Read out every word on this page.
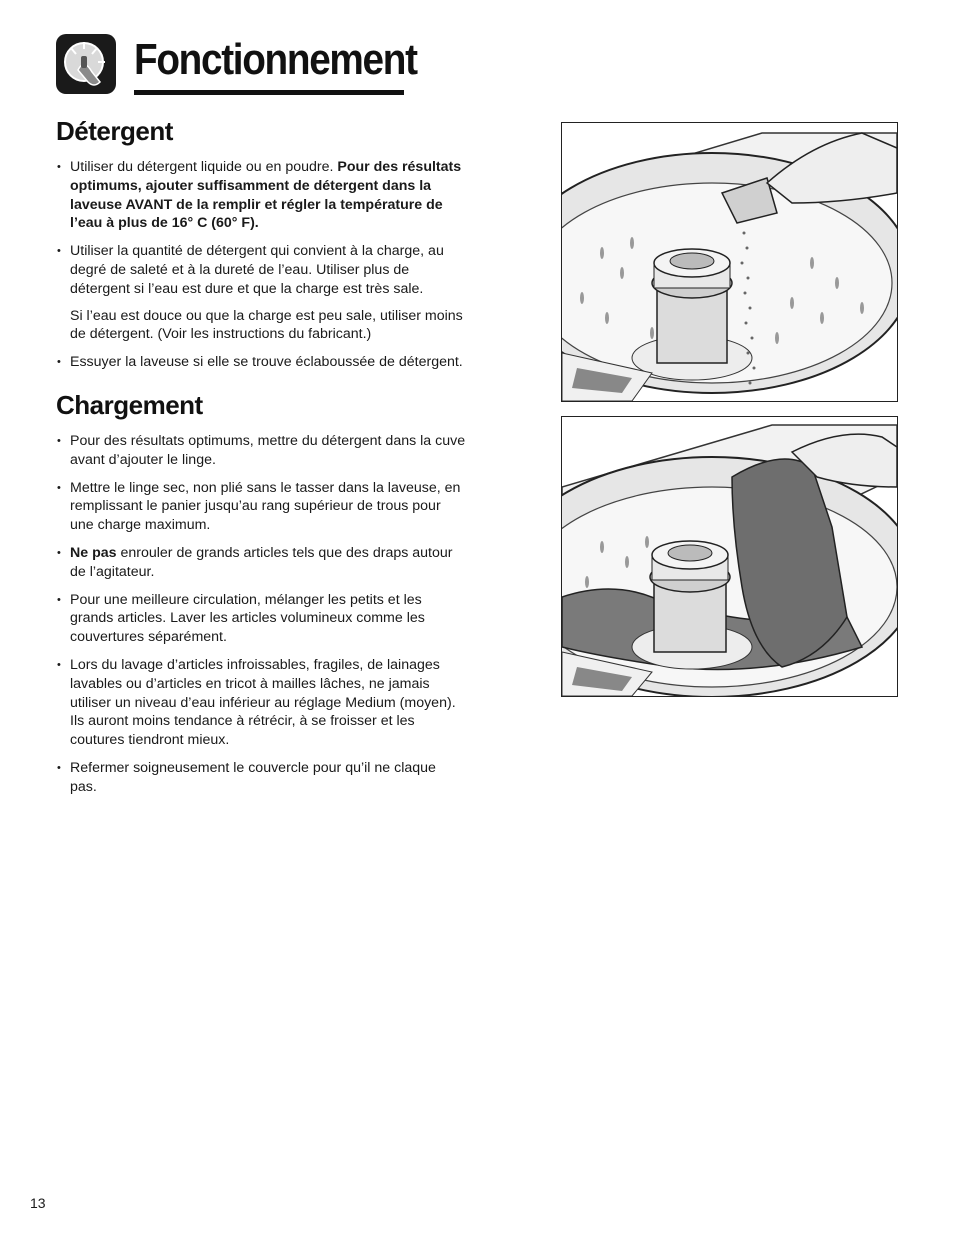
Fonctionnement
Détergent
• Utiliser du détergent liquide ou en poudre. Pour des résultats optimums, ajouter suffisamment de détergent dans la laveuse AVANT de la remplir et régler la température de l’eau à plus de 16° C (60° F).
• Utiliser la quantité de détergent qui convient à la charge, au degré de saleté et à la dureté de l’eau. Utiliser plus de détergent si l’eau est dure et que la charge est très sale.
Si l’eau est douce ou que la charge est peu sale, utiliser moins de détergent. (Voir les instructions du fabricant.)
• Essuyer la laveuse si elle se trouve éclaboussée de détergent.
Chargement
• Pour des résultats optimums, mettre du détergent dans la cuve avant d’ajouter le linge.
• Mettre le linge sec, non plié sans le tasser dans la laveuse, en remplissant le panier jusqu’au rang supérieur de trous pour une charge maximum.
• Ne pas enrouler de grands articles tels que des draps autour de l’agitateur.
• Pour une meilleure circulation, mélanger les petits et les grands articles. Laver les articles volumineux comme les couvertures séparément.
• Lors du lavage d’articles infroissables, fragiles, de lainages lavables ou d’articles en tricot à mailles lâches, ne jamais utiliser un niveau d’eau inférieur au réglage Medium (moyen). Ils auront moins tendance à rétrécir, à se froisser et les coutures tiendront mieux.
• Refermer soigneusement le couvercle pour qu’il ne claque pas.
13
